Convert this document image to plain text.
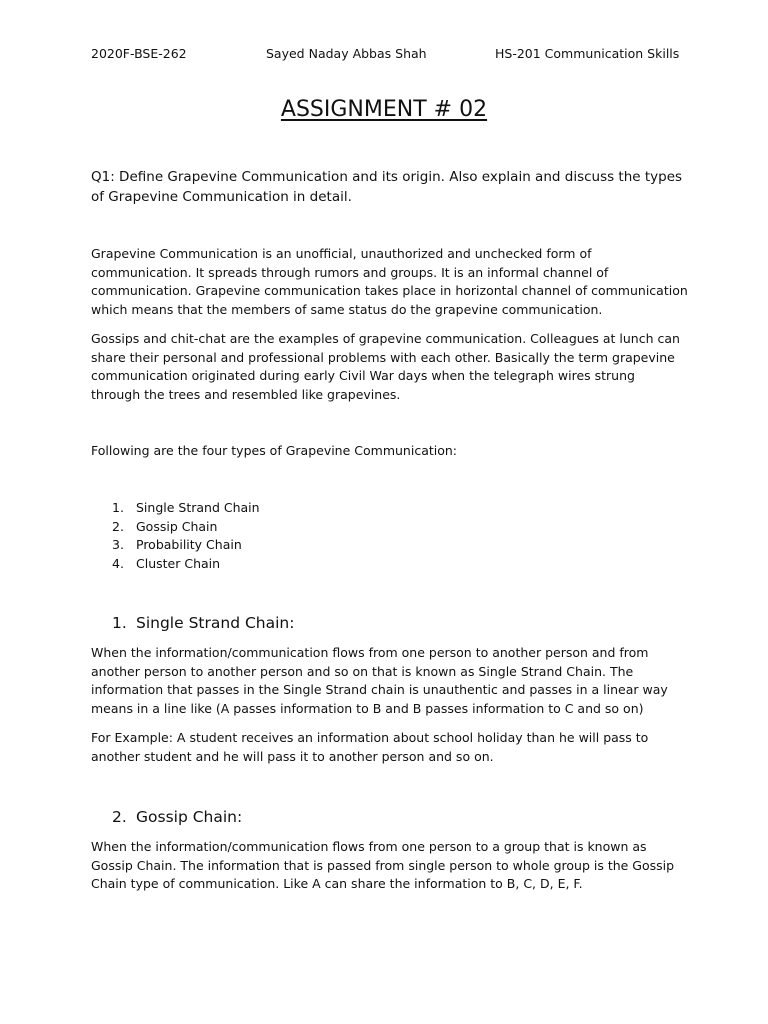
2020F-BSE-262	Sayed Naday Abbas Shah	HS-201 Communication Skills
ASSIGNMENT # 02
Q1: Define Grapevine Communication and its origin. Also explain and discuss the types
of Grapevine Communication in detail.
Grapevine Communication is an unofficial, unauthorized and unchecked form of
communication. It spreads through rumors and groups. It is an informal channel of
communication. Grapevine communication takes place in horizontal channel of communication
which means that the members of same status do the grapevine communication.
Gossips and chit-chat are the examples of grapevine communication. Colleagues at lunch can
share their personal and professional problems with each other. Basically the term grapevine
communication originated during early Civil War days when the telegraph wires strung
through the trees and resembled like grapevines.
Following are the four types of Grapevine Communication:
1. Single Strand Chain
2. Gossip Chain
3. Probability Chain
4. Cluster Chain
1. Single Strand Chain:
When the information/communication flows from one person to another person and from
another person to another person and so on that is known as Single Strand Chain. The
information that passes in the Single Strand chain is unauthentic and passes in a linear way
means in a line like (A passes information to B and B passes information to C and so on)
For Example: A student receives an information about school holiday than he will pass to
another student and he will pass it to another person and so on.
2. Gossip Chain:
When the information/communication flows from one person to a group that is known as
Gossip Chain. The information that is passed from single person to whole group is the Gossip
Chain type of communication. Like A can share the information to B, C, D, E, F.
